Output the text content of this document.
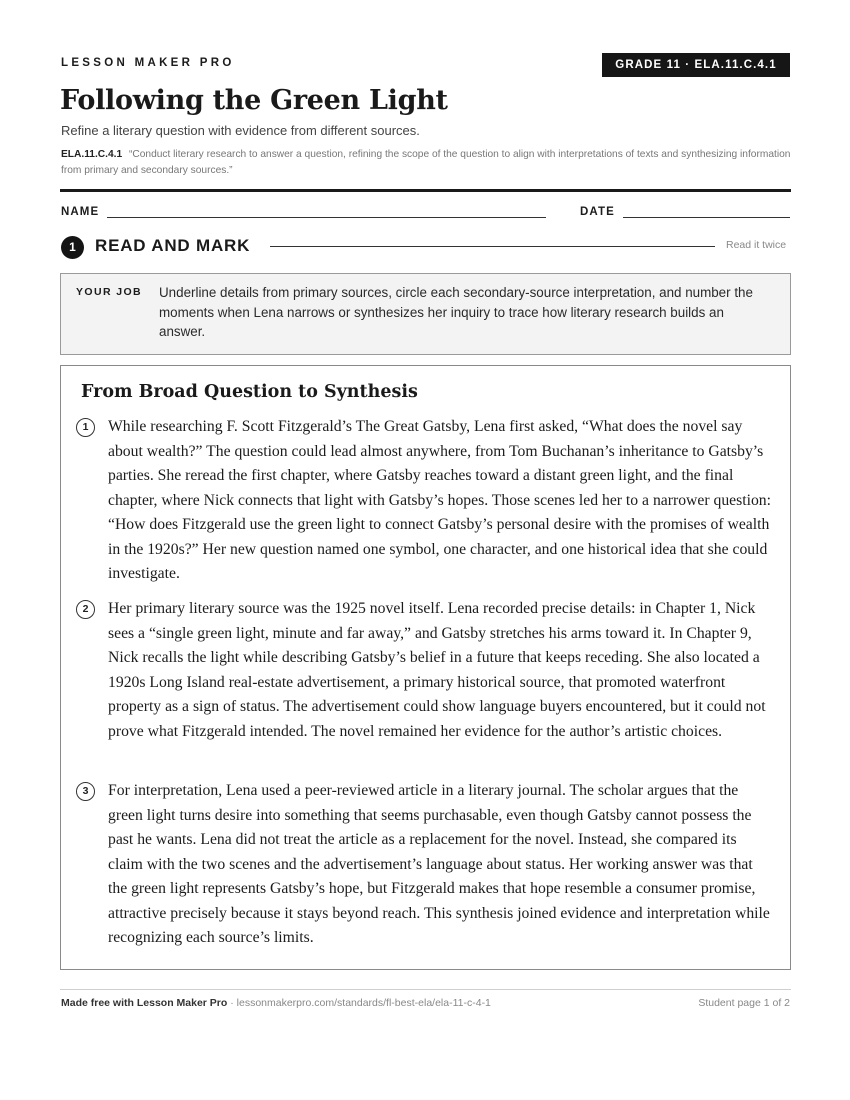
LESSON MAKER PRO	GRADE 11 · ELA.11.C.4.1
Following the Green Light
Refine a literary question with evidence from different sources.
ELA.11.C.4.1 “Conduct literary research to answer a question, refining the scope of the question to align with interpretations of texts and synthesizing information from primary and secondary sources.”
NAME	DATE
1	READ AND MARK	Read it twice
YOUR JOB Underline details from primary sources, circle each secondary-source interpretation, and number the moments when Lena narrows or synthesizes her inquiry to trace how literary research builds an answer.
From Broad Question to Synthesis
1	While researching F. Scott Fitzgerald’s The Great Gatsby, Lena first asked, “What does the novel say about wealth?” The question could lead almost anywhere, from Tom Buchanan’s inheritance to Gatsby’s parties. She reread the first chapter, where Gatsby reaches toward a distant green light, and the final chapter, where Nick connects that light with Gatsby’s hopes. Those scenes led her to a narrower question: “How does Fitzgerald use the green light to connect Gatsby’s personal desire with the promises of wealth in the 1920s?” Her new question named one symbol, one character, and one historical idea that she could investigate.

2	Her primary literary source was the 1925 novel itself. Lena recorded precise details: in Chapter 1, Nick sees a “single green light, minute and far away,” and Gatsby stretches his arms toward it. In Chapter 9, Nick recalls the light while describing Gatsby’s belief in a future that keeps receding. She also located a 1920s Long Island real-estate advertisement, a primary historical source, that promoted waterfront property as a sign of status. The advertisement could show language buyers encountered, but it could not prove what Fitzgerald intended. The novel remained her evidence for the author’s artistic choices.

3	For interpretation, Lena used a peer-reviewed article in a literary journal. The scholar argues that the green light turns desire into something that seems purchasable, even though Gatsby cannot possess the past he wants. Lena did not treat the article as a replacement for the novel. Instead, she compared its claim with the two scenes and the advertisement’s language about status. Her working answer was that the green light represents Gatsby’s hope, but Fitzgerald makes that hope resemble a consumer promise, attractive precisely because it stays beyond reach. This synthesis joined evidence and interpretation while recognizing each source’s limits.

Made free with Lesson Maker Pro · lessonmakerpro.com/standards/fl-best-ela/ela-11-c-4-1	Student page 1 of 2
